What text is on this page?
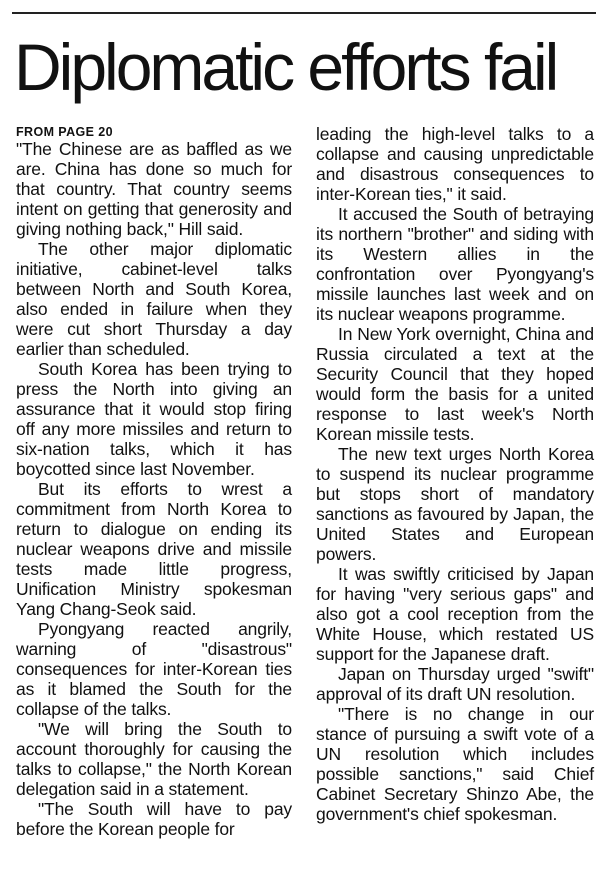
Diplomatic efforts fail
FROM PAGE 20

"The Chinese are as baffled as we are. China has done so much for that country. That country seems intent on getting that generosity and giving nothing back," Hill said.

The other major diplomatic initiative, cabinet-level talks between North and South Korea, also ended in failure when they were cut short Thursday a day earlier than scheduled.

South Korea has been trying to press the North into giving an assurance that it would stop firing off any more missiles and return to six-nation talks, which it has boycotted since last November.

But its efforts to wrest a commitment from North Korea to return to dialogue on ending its nuclear weapons drive and missile tests made little progress, Unification Ministry spokesman Yang Chang-Seok said.

Pyongyang reacted angrily, warning of "disastrous" consequences for inter-Korean ties as it blamed the South for the collapse of the talks.

"We will bring the South to account thoroughly for causing the talks to collapse," the North Korean delegation said in a statement.

"The South will have to pay before the Korean people for

leading the high-level talks to a collapse and causing unpredictable and disastrous consequences to inter-Korean ties," it said.

It accused the South of betraying its northern "brother" and siding with its Western allies in the confrontation over Pyongyang's missile launches last week and on its nuclear weapons programme.

In New York overnight, China and Russia circulated a text at the Security Council that they hoped would form the basis for a united response to last week's North Korean missile tests.

The new text urges North Korea to suspend its nuclear programme but stops short of mandatory sanctions as favoured by Japan, the United States and European powers.

It was swiftly criticised by Japan for having "very serious gaps" and also got a cool reception from the White House, which restated US support for the Japanese draft.

Japan on Thursday urged "swift" approval of its draft UN resolution.

"There is no change in our stance of pursuing a swift vote of a UN resolution which includes possible sanctions," said Chief Cabinet Secretary Shinzo Abe, the government's chief spokesman.
